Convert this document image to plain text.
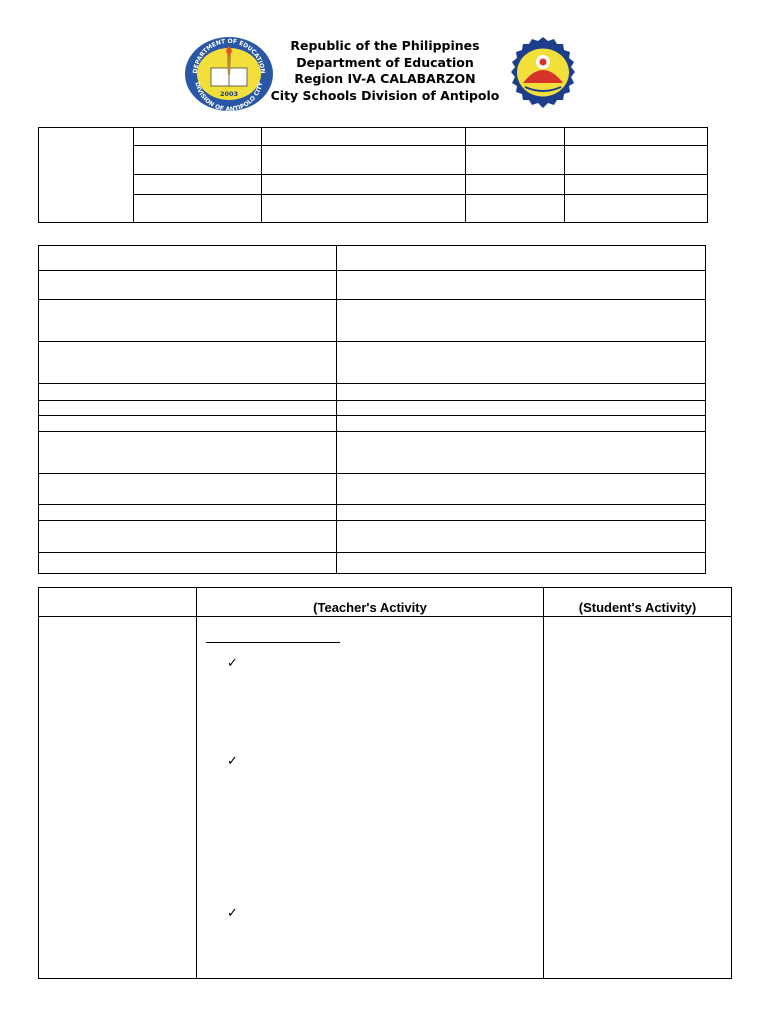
DEPARTMENT OF EDUCATION
DIVISION OF ANTIPOLO CITY
2003
Republic of the Philippines
Department of Education
Region IV-A CALABARZON
City Schools Division of Antipolo

	(Teacher's Activity	(Student's Activity)

	✓
✓
✓	
